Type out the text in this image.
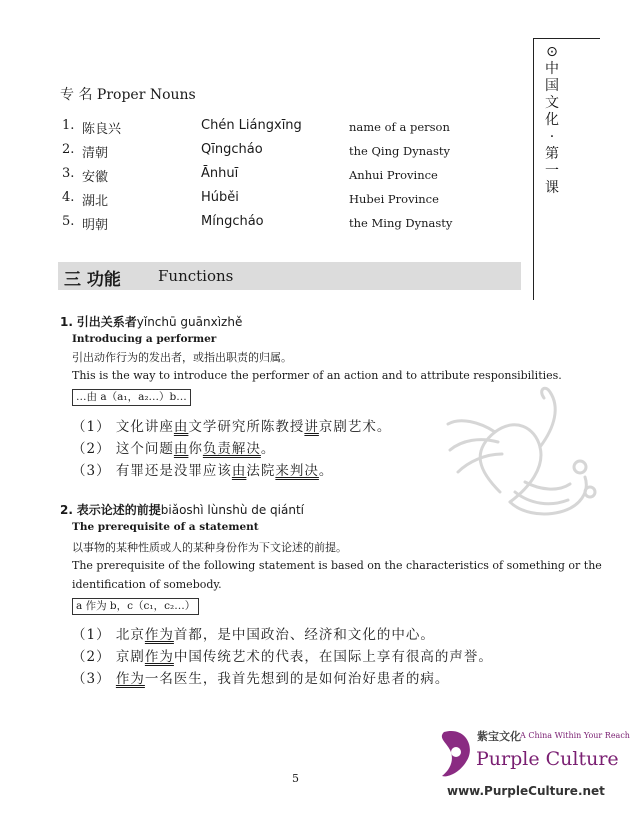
⊙
中
国
文
化
·
第
一
课
专 名 Proper Nouns
1. 陈良兴	Chén Liángxīng	name of a person
2. 清朝	Qīngcháo	the Qing Dynasty
3. 安徽	Ānhuī	Anhui Province
4. 湖北	Húběi	Hubei Province
5. 明朝	Míngcháo	the Ming Dynasty
三 功能 Functions
1. 引出关系者yǐnchū guānxìzhě
Introducing a performer
引出动作行为的发出者，或指出职责的归属。
This is the way to introduce the performer of an action and to attribute responsibilities.
…由 a（a₁，a₂…）b…
（1） 文化讲座由文学研究所陈教授讲京剧艺术。
（2） 这个问题由你负责解决。
（3） 有罪还是没罪应该由法院来判决。
2. 表示论述的前提biǎoshì lùnshù de qiántí
The prerequisite of a statement
以事物的某种性质或人的某种身份作为下文论述的前提。
The prerequisite of the following statement is based on the characteristics of something or the
identification of somebody.
a 作为 b，c（c₁，c₂…）
（1） 北京作为首都，是中国政治、经济和文化的中心。
（2） 京剧作为中国传统艺术的代表，在国际上享有很高的声誉。
（3） 作为一名医生，我首先想到的是如何治好患者的病。
5
紫宝文化 A China Within Your Reach
Purple Culture
www.PurpleCulture.net
